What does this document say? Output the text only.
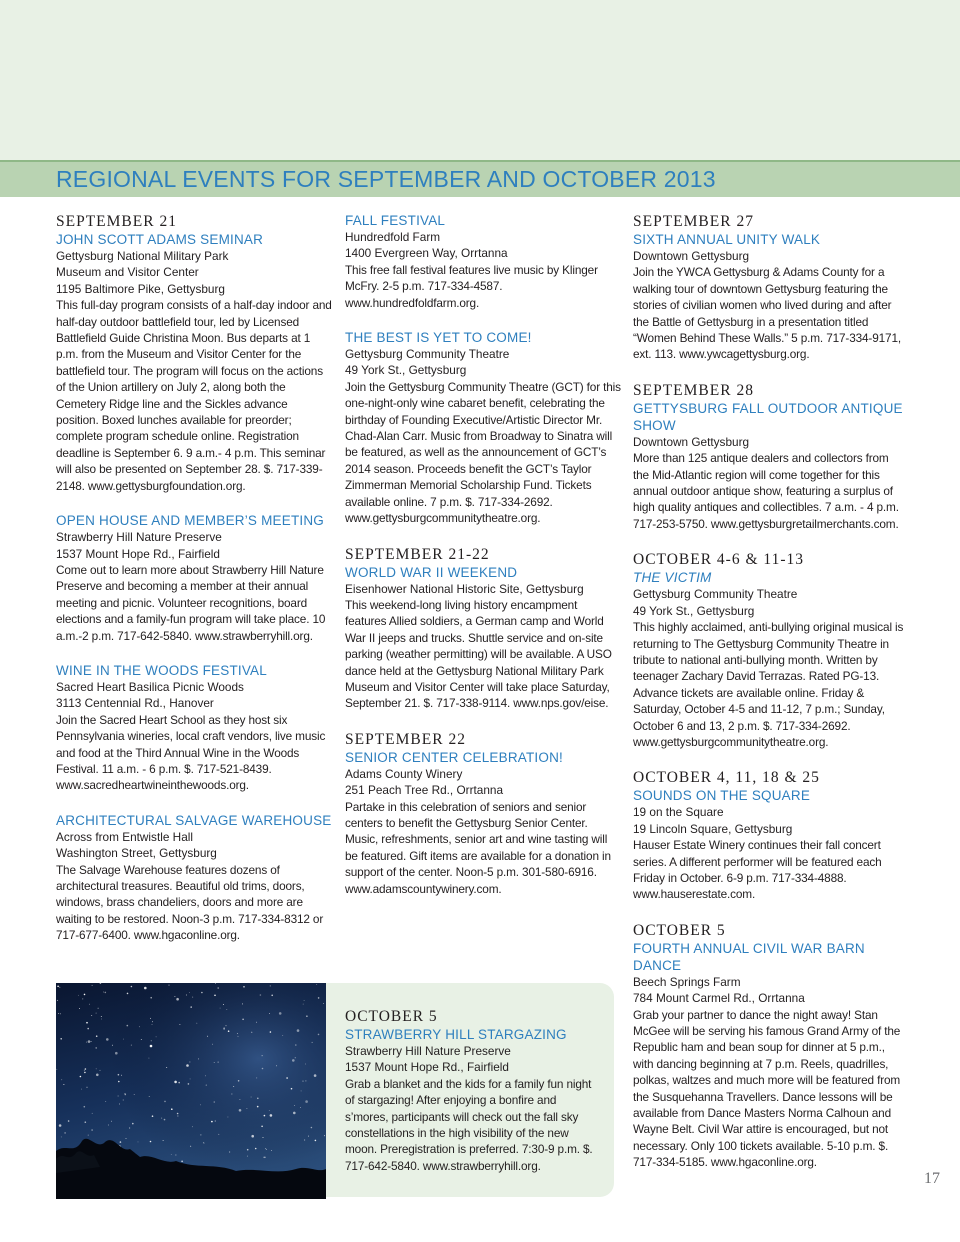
REGIONAL EVENTS FOR SEPTEMBER AND OCTOBER 2013
SEPTEMBER 21
JOHN SCOTT ADAMS SEMINAR
Gettysburg National Military Park
Museum and Visitor Center
1195 Baltimore Pike, Gettysburg
This full-day program consists of a half-day indoor and half-day outdoor battlefield tour, led by Licensed Battlefield Guide Christina Moon. Bus departs at 1 p.m. from the Museum and Visitor Center for the battlefield tour. The program will focus on the actions of the Union artillery on July 2, along both the Cemetery Ridge line and the Sickles advance position. Boxed lunches available for preorder; complete program schedule online. Registration deadline is September 6. 9 a.m.- 4 p.m. This seminar will also be presented on September 28. $. 717-339-2148. www.gettysburgfoundation.org.
OPEN HOUSE AND MEMBER’S MEETING
Strawberry Hill Nature Preserve
1537 Mount Hope Rd., Fairfield
Come out to learn more about Strawberry Hill Nature Preserve and becoming a member at their annual meeting and picnic. Volunteer recognitions, board elections and a family-fun program will take place. 10 a.m.-2 p.m. 717-642-5840. www.strawberryhill.org.
WINE IN THE WOODS FESTIVAL
Sacred Heart Basilica Picnic Woods
3113 Centennial Rd., Hanover
Join the Sacred Heart School as they host six Pennsylvania wineries, local craft vendors, live music and food at the Third Annual Wine in the Woods Festival. 11 a.m. - 6 p.m. $. 717-521-8439. www.sacredheartwineinthewoods.org.
ARCHITECTURAL SALVAGE WAREHOUSE
Across from Entwistle Hall
Washington Street, Gettysburg
The Salvage Warehouse features dozens of architectural treasures. Beautiful old trims, doors, windows, brass chandeliers, doors and more are waiting to be restored. Noon-3 p.m. 717-334-8312 or 717-677-6400. www.hgaconline.org.
FALL FESTIVAL
Hundredfold Farm
1400 Evergreen Way, Orrtanna
This free fall festival features live music by Klinger McFry. 2-5 p.m. 717-334-4587. www.hundredfoldfarm.org.
THE BEST IS YET TO COME!
Gettysburg Community Theatre
49 York St., Gettysburg
Join the Gettysburg Community Theatre (GCT) for this one-night-only wine cabaret benefit, celebrating the birthday of Founding Executive/Artistic Director Mr. Chad-Alan Carr. Music from Broadway to Sinatra will be featured, as well as the announcement of GCT’s 2014 season. Proceeds benefit the GCT’s Taylor Zimmerman Memorial Scholarship Fund. Tickets available online. 7 p.m. $. 717-334-2692. www.gettysburgcommunitytheatre.org.
SEPTEMBER 21-22
WORLD WAR II WEEKEND
Eisenhower National Historic Site, Gettysburg
This weekend-long living history encampment features Allied soldiers, a German camp and World War II jeeps and trucks. Shuttle service and on-site parking (weather permitting) will be available. A USO dance held at the Gettysburg National Military Park Museum and Visitor Center will take place Saturday, September 21. $. 717-338-9114. www.nps.gov/eise.
SEPTEMBER 22
SENIOR CENTER CELEBRATION!
Adams County Winery
251 Peach Tree Rd., Orrtanna
Partake in this celebration of seniors and senior centers to benefit the Gettysburg Senior Center. Music, refreshments, senior art and wine tasting will be featured. Gift items are available for a donation in support of the center. Noon-5 p.m. 301-580-6916. www.adamscountywinery.com.
SEPTEMBER 27
SIXTH ANNUAL UNITY WALK
Downtown Gettysburg
Join the YWCA Gettysburg & Adams County for a walking tour of downtown Gettysburg featuring the stories of civilian women who lived during and after the Battle of Gettysburg in a presentation titled “Women Behind These Walls.” 5 p.m. 717-334-9171, ext. 113. www.ywcagettysburg.org.
SEPTEMBER 28
GETTYSBURG FALL OUTDOOR ANTIQUE SHOW
Downtown Gettysburg
More than 125 antique dealers and collectors from the Mid-Atlantic region will come together for this annual outdoor antique show, featuring a surplus of high quality antiques and collectibles. 7 a.m. - 4 p.m. 717-253-5750. www.gettysburgretailmerchants.com.
OCTOBER 4-6 & 11-13
THE VICTIM
Gettysburg Community Theatre
49 York St., Gettysburg
This highly acclaimed, anti-bullying original musical is returning to The Gettysburg Community Theatre in tribute to national anti-bullying month. Written by teenager Zachary David Terrazas. Rated PG-13. Advance tickets are available online. Friday & Saturday, October 4-5 and 11-12, 7 p.m.; Sunday, October 6 and 13, 2 p.m. $. 717-334-2692. www.gettysburgcommunitytheatre.org.
OCTOBER 4, 11, 18 & 25
SOUNDS ON THE SQUARE
19 on the Square
19 Lincoln Square, Gettysburg
Hauser Estate Winery continues their fall concert series. A different performer will be featured each Friday in October. 6-9 p.m. 717-334-4888. www.hauserestate.com.
OCTOBER 5
FOURTH ANNUAL CIVIL WAR BARN DANCE
Beech Springs Farm
784 Mount Carmel Rd., Orrtanna
Grab your partner to dance the night away! Stan McGee will be serving his famous Grand Army of the Republic ham and bean soup for dinner at 5 p.m., with dancing beginning at 7 p.m. Reels, quadrilles, polkas, waltzes and much more will be featured from the Susquehanna Travellers. Dance lessons will be available from Dance Masters Norma Calhoun and Wayne Belt. Civil War attire is encouraged, but not necessary. Only 100 tickets available. 5-10 p.m. $. 717-334-5185. www.hgaconline.org.
OCTOBER 5
STRAWBERRY HILL STARGAZING
Strawberry Hill Nature Preserve
1537 Mount Hope Rd., Fairfield
Grab a blanket and the kids for a family fun night of stargazing! After enjoying a bonfire and s’mores, participants will check out the fall sky constellations in the high visibility of the new moon. Preregistration is preferred. 7:30-9 p.m. $. 717-642-5840. www.strawberryhill.org.
17
